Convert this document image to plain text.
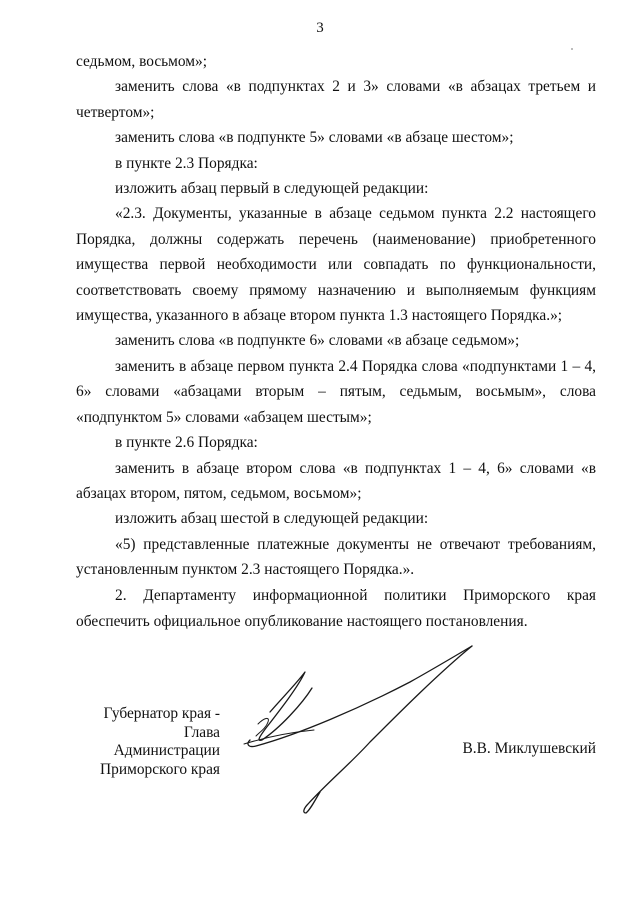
3

седьмом, восьмом»;

заменить слова «в подпунктах 2 и 3» словами «в абзацах третьем и четвертом»;

заменить слова «в подпункте 5» словами «в абзаце шестом»;

в пункте 2.3 Порядка:

изложить абзац первый в следующей редакции:

«2.3. Документы, указанные в абзаце седьмом пункта 2.2 настоящего Порядка, должны содержать перечень (наименование) приобретенного имущества первой необходимости или совпадать по функциональности, соответствовать своему прямому назначению и выполняемым функциям имущества, указанного в абзаце втором пункта 1.3 настоящего Порядка.»;

заменить слова «в подпункте 6» словами «в абзаце седьмом»;

заменить в абзаце первом пункта 2.4 Порядка слова «подпунктами 1 – 4, 6» словами «абзацами вторым – пятым, седьмым, восьмым», слова «подпунктом 5» словами «абзацем шестым»;

в пункте 2.6 Порядка:

заменить в абзаце втором слова «в подпунктах 1 – 4, 6» словами «в абзацах втором, пятом, седьмом, восьмом»;

изложить абзац шестой в следующей редакции:

«5) представленные платежные документы не отвечают требованиям, установленным пунктом 2.3 настоящего Порядка.».

2. Департаменту информационной политики Приморского края обеспечить официальное опубликование настоящего постановления.

Губернатор края -
Глава Администрации
Приморского края
В.В. Миклушевский
